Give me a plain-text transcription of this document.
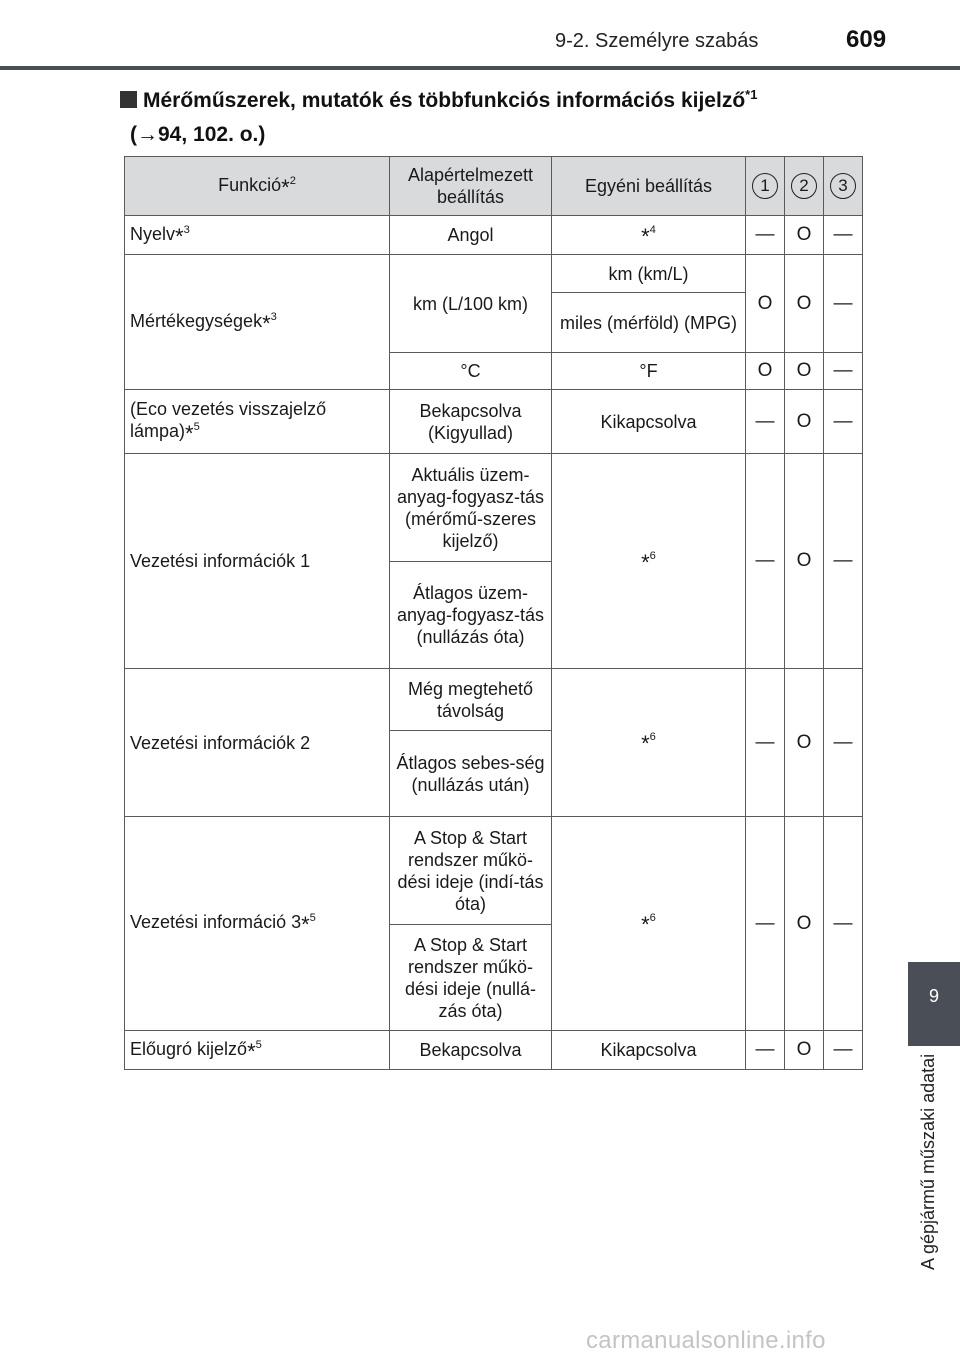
9-2. Személyre szabás	609
Mérőműszerek, mutatók és többfunkciós információs kijelző$^{*1}$
(→94, 102. o.)
Funkció*$^2$	Alapértelmezett beállítás	Egyéni beállítás	1	2	3
Nyelv*$^3$	Angol	*$^4$	—	O	—
Mértékegységek*$^3$	km (L/100 km)	km (km/L)	O	O	—
		miles (mérföld) (MPG)			
	°C	°F	O	O	—
(Eco vezetés visszajelző lámpa)*$^5$	Bekapcsolva (Kigyullad)	Kikapcsolva	—	O	—
Vezetési információk 1	Aktuális üzem-anyag-fogyasz-tás (mérőmű-szeres kijelző)	*$^6$	—	O	—
	Átlagos üzem-anyag-fogyasz-tás (nullázás óta)				
Vezetési információk 2	Még megtehető távolság	*$^6$	—	O	—
	Átlagos sebes-ség (nullázás után)				
Vezetési információ 3*$^5$	A Stop & Start rendszer műkö-dési ideje (indí-tás óta)	*$^6$	—	O	—
	A Stop & Start rendszer műkö-dési ideje (nullá-zás óta)				
Előugró kijelző*$^5$	Bekapcsolva	Kikapcsolva	—	O	—
9
A gépjármű műszaki adatai
carmanualsonline.info
